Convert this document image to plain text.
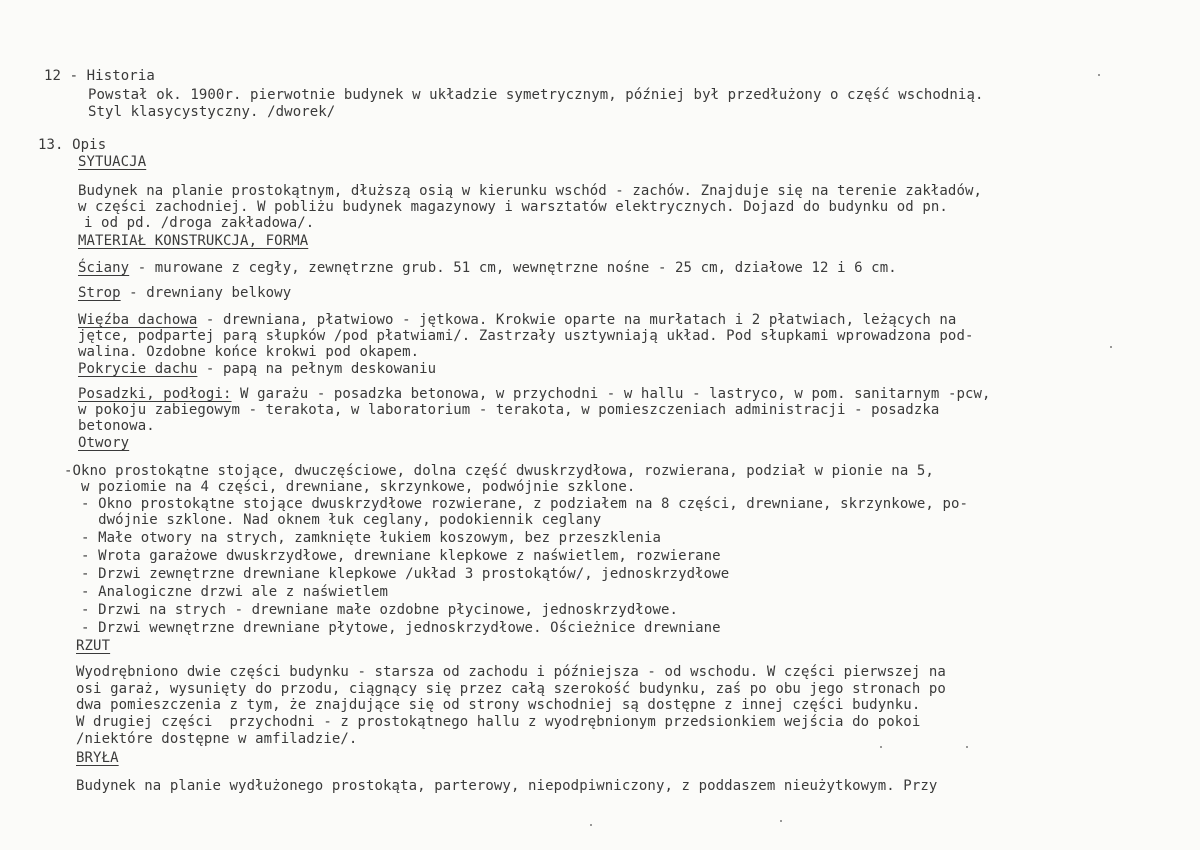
12 - Historia
Powstał ok. 1900r. pierwotnie budynek w układzie symetrycznym, później był przedłużony o część wschodnią.
Styl klasycystyczny. /dworek/
13. Opis
SYTUACJA
Budynek na planie prostokątnym, dłuższą osią w kierunku wschód - zachów. Znajduje się na terenie zakładów,
w części zachodniej. W pobliżu budynek magazynowy i warsztatów elektrycznych. Dojazd do budynku od pn.
i od pd. /droga zakładowa/.
MATERIAŁ KONSTRUKCJA, FORMA
Ściany - murowane z cegły, zewnętrzne grub. 51 cm, wewnętrzne nośne - 25 cm, działowe 12 i 6 cm.
Strop - drewniany belkowy
Więźba dachowa - drewniana, płatwiowo - jętkowa. Krokwie oparte na murłatach i 2 płatwiach, leżących na
jętce, podpartej parą słupków /pod płatwiami/. Zastrzały usztywniają układ. Pod słupkami wprowadzona pod-
walina. Ozdobne końce krokwi pod okapem.
Pokrycie dachu - papą na pełnym deskowaniu
Posadzki, podłogi: W garażu - posadzka betonowa, w przychodni - w hallu - lastryco, w pom. sanitarnym -pcw,
w pokoju zabiegowym - terakota, w laboratorium - terakota, w pomieszczeniach administracji - posadzka
betonowa.
Otwory
-Okno prostokątne stojące, dwuczęściowe, dolna część dwuskrzydłowa, rozwierana, podział w pionie na 5,
w poziomie na 4 części, drewniane, skrzynkowe, podwójnie szklone.
- Okno prostokątne stojące dwuskrzydłowe rozwierane, z podziałem na 8 części, drewniane, skrzynkowe, po-
dwójnie szklone. Nad oknem łuk ceglany, podokiennik ceglany
- Małe otwory na strych, zamknięte łukiem koszowym, bez przeszklenia
- Wrota garażowe dwuskrzydłowe, drewniane klepkowe z naświetlem, rozwierane
- Drzwi zewnętrzne drewniane klepkowe /układ 3 prostokątów/, jednoskrzydłowe
- Analogiczne drzwi ale z naświetlem
- Drzwi na strych - drewniane małe ozdobne płycinowe, jednoskrzydłowe.
- Drzwi wewnętrzne drewniane płytowe, jednoskrzydłowe. Ościeżnice drewniane
RZUT
Wyodrębniono dwie części budynku - starsza od zachodu i późniejsza - od wschodu. W części pierwszej na
osi garaż, wysunięty do przodu, ciągnący się przez całą szerokość budynku, zaś po obu jego stronach po
dwa pomieszczenia z tym, że znajdujące się od strony wschodniej są dostępne z innej części budynku.
W drugiej części  przychodni - z prostokątnego hallu z wyodrębnionym przedsionkiem wejścia do pokoi
/niektóre dostępne w amfiladzie/.
BRYŁA
Budynek na planie wydłużonego prostokąta, parterowy, niepodpiwniczony, z poddaszem nieużytkowym. Przy
